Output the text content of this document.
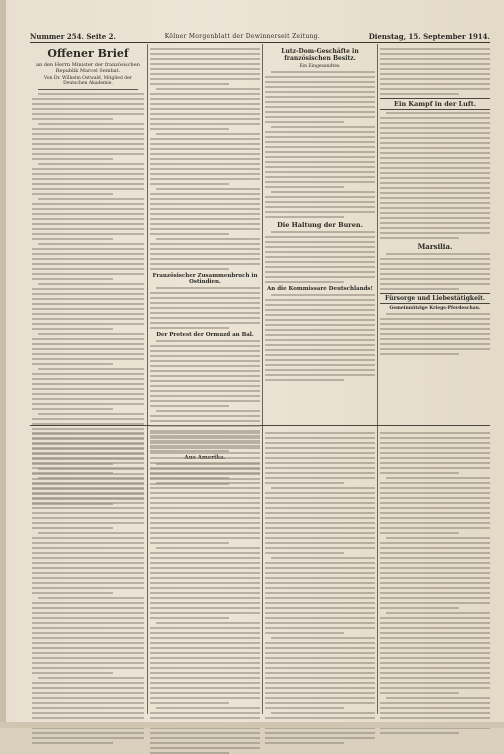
Nummer 254. Seite 2.	Kölner Morgenblatt der Dewinnerseit Zeitung.	Dienstag, 15. September 1914.
Offener Brief
an den Herrn Minister der französischen Republik Marcel Sembat.
Von Dr. Wilhelm Ostwald, Mitglied der Deutschen Akademie.
Französischer Zusammenbruch in Ostindien.
Der Protest der Ormuzd an Bal.
Lutz-Dom-Geschäfte in französischen Besitz.
Ein Eingesandtes.
Die Haltung der Buren.
An die Kommissare Deutschlands!
Ein Kampf in der Luft.
Marsilia.
Fürsorge und Liebestätigkeit.
Gemeinnützige Kriegs-Pferdeschau.
